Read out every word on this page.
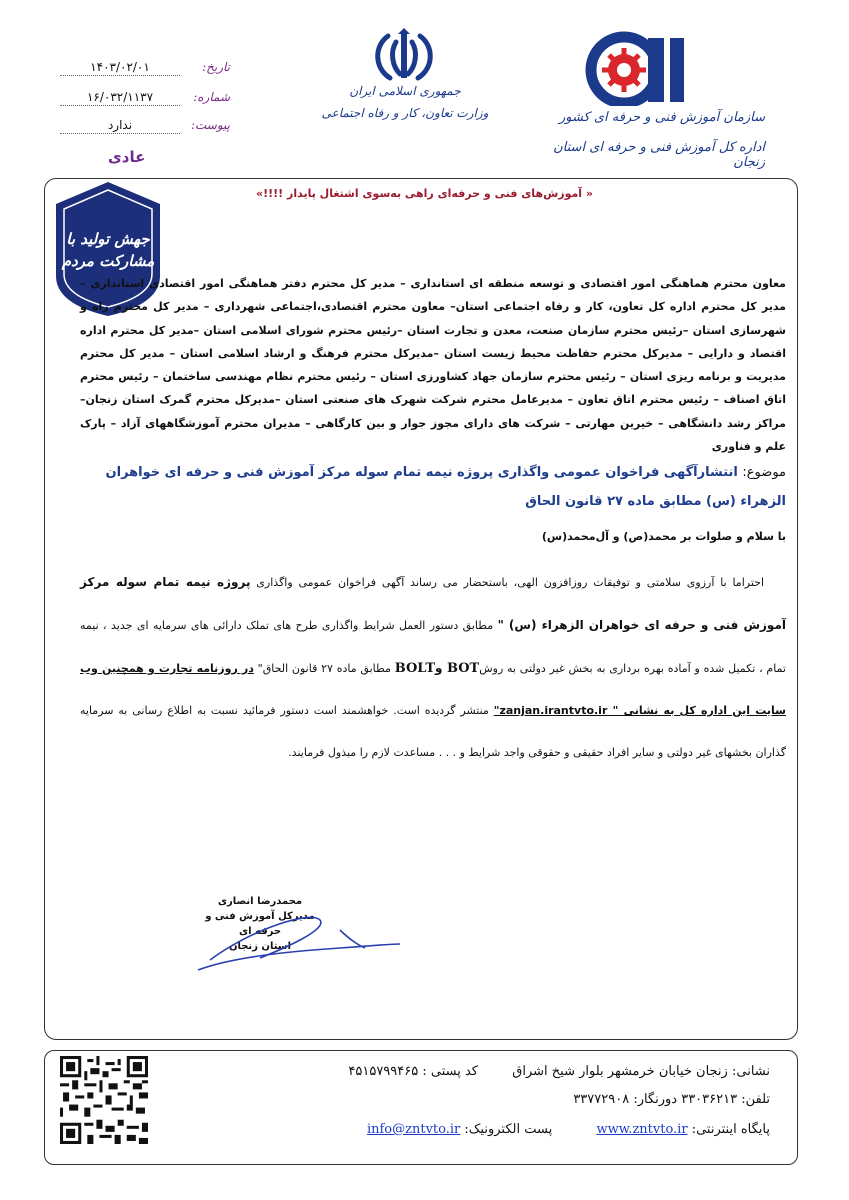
تاریخ:
۱۴۰۳/۰۲/۰۱
شماره:
۱۶/۰۳۲/۱۱۳۷
پیوست:
ندارد
عادی
جمهوری اسلامی ایران
وزارت تعاون، کار و رفاه اجتماعی	سازمان آموزش فنی و حرفه ای کشور
اداره کل آموزش فنی و حرفه ای استان زنجان
« آموزش‌های فنی و حرفه‌ای راهی به‌سوی اشتغال پایدار !!!!»
جهش تولید با مشارکت مردم
معاون محترم هماهنگی امور اقتصادی و توسعه منطقه ای استانداری – مدیر کل محترم دفتر هماهنگی امور اقتصادی استانداری –مدیر کل محترم اداره کل تعاون، کار و رفاه اجتماعی استان– معاون محترم اقتصادی،اجتماعی شهرداری – مدیر کل محترم راه و شهرسازی استان –رئیس محترم سازمان صنعت، معدن و تجارت استان –رئیس محترم شورای اسلامی استان –مدیر کل محترم اداره اقتصاد و دارایی – مدیرکل محترم حفاظت محیط زیست استان –مدیرکل محترم فرهنگ و ارشاد اسلامی استان – مدیر کل محترم مدیریت و برنامه ریزی استان – رئیس محترم سازمان جهاد کشاورزی استان – رئیس محترم نظام مهندسی ساختمان – رئیس محترم اتاق اصناف – رئیس محترم اتاق تعاون – مدیرعامل محترم شرکت شهرک های صنعتی استان –مدیرکل محترم گمرک استان زنجان– مراکز رشد دانشگاهی – خیرین مهارتی – شرکت های دارای مجوز جوار و بین کارگاهی – مدیران محترم آموزشگاههای آزاد – پارک علم و فناوری
موضوع: انتشارآگهی فراخوان عمومی واگذاری پروژه نیمه تمام سوله مرکز آموزش فنی و حرفه ای خواهران الزهراء (س) مطابق ماده ۲۷ قانون الحاق
با سلام و صلوات بر محمد(ص) و آل‌محمد(س)
احتراما با آرزوی سلامتی و توفیقات روزافزون الهی، باستحضار می رساند آگهی فراخوان عمومی واگذاری پروژه نیمه تمام سوله مرکز آموزش فنی و حرفه ای خواهران الزهراء (س) " مطابق دستور العمل شرایط واگذاری طرح های تملک دارائی های سرمایه ای جدید ، نیمه تمام ، تکمیل شده و آماده بهره برداری به بخش غیر دولتی به روشBOT وBOLT مطابق ماده ۲۷ قانون الحاق" در روزنامه تجارت و همچنین وب سایت این اداره کل به نشانی " zanjan.irantvto.ir" منتشر گردیده است. خواهشمند است دستور فرمائید نسبت به اطلاع رسانی به سرمایه گذاران بخشهای غیر دولتی و سایر افراد حقیقی و حقوقی واجد شرایط و . . . مساعدت لازم را مبذول فرمایند.
محمدرضا انصاری
مدیرکل آموزش فنی و حرفه ای
استان زنجان
نشانی: زنجان خیابان خرمشهر بلوار شیخ اشراق  کد پستی : ۴۵۱۵۷۹۹۴۶۵
تلفن: ۳۳۰۳۶۲۱۳ دورنگار: ۳۳۷۷۲۹۰۸
پایگاه اینترنتی: www.zntvto.ir  پست الکترونیک: info@zntvto.ir
